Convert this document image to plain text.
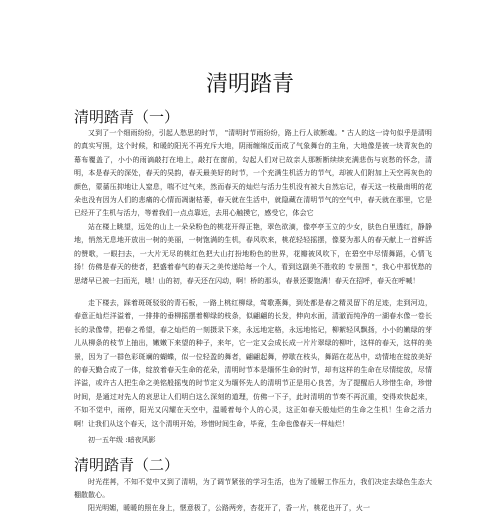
清明踏青
清明踏青（一）
又到了一个细雨纷纷，引起人愁思的时节， "清明时节雨纷纷，路上行人欲断魂。" 古人的这一诗句似乎是清明的真实写照，这个时候，和暖的阳光不再充斥大地，阴雨缠绵反而成了气象舞台的主角，大地像是被一块青灰色的幕布覆盖了，小小的雨滴敲打在地上，敲打在窗前，勾起人们对已故亲人那断断续续充满悲伤与哀愁的怀念，清明，本是春天的深处，春天的旲韵，春天最美好的时节，一个充满生机活力的节气，却被人们附加上天空再灰色的颜色，蒙蔷压抑地让人窒息，喘不过气来，然而春天的灿烂与活力生机没有被大自然忘记，春天这一枝最南明的花朵也没有因为人们的悲痛的心情而凋谢枯萎，春天就在生活中，就隐藏在清明节气的空气中，春天就在那里，它是已经开了生机与活力，等着我们一点点靠近，去用心触摸它，感受它，体会它
站在楼上眺望，远处的山上一朵朵粉色的桃花开得正艳，翠色欲滴，像亭亭玉立的少女，肤色白里透红，静静地，悄然无息地开放出一树的美丽，一树饱满的生机，春风吹来，桃花轻轻摇摆，像要为那人的春天献上一首鲜活的赞歌，一眼扫去，一大片无尽的桃红色把大山打扮地粉色的世界，花瓣被风吹下，在碧空中尽情舞蹈，心情飞扬！仿佛是春天的使者，把盛着春气的春天之美传递给每一个人，看到这副美不胜收的 专景图 "，我心中那忧愁的思绪早已被一扫而光，哦！山的初，春天还在闪动，啊！桥的那头，春景还要饱满！春天在招呼，春天在呼喊！
走下楼去，踩着斑斑驳驳的青石板，一路上桃红柳绿，莺歌燕舞，到处都是春之精灵留下的足迹，走到河边，春意正灿烂洋溢着，一排排的垂柳摇摆着柳绿的枝条，似翩翩的长发，伸向水面，清澈而纯净的一湖春水像一卷长长的录像带，把春之希望，春之灿烂的一刻摄录下来，永远地定格，永远地铭记，柳絮轻风飘扬，小小的嫩绿的芽儿从柳条的枝节上抽出，嫩嫩下来望的种子，来年，它一定又会成长成一片片翠绿的柳叶，这样的春天，这样的美景，因为了一群色彩斑斓的蝴蝶，似一位轻盈的舞者，翩翩起舞，停歇在枝头，舞蹈在花丛中，动情地在绽放美好的春天勤合成了一体，绽放着春天生命的花朵，清明时节本是缅怀生命的时节，却有这样的生命在尽情绽放，尽情洋溢，或许古人把生命之美铭般摇曳的时节定义为缅怀先人的清明节正是用心良苦，为了提醒后人珍惜生命，珍惜时间，是通过对先人的哀思让人们明白这么深刻的道理，仿佛一下子，此时清明的节奏不再沉重，变得欢快起来，不如不觉中，雨停，阳光又闪耀在天空中，温暖着每个人的心灵，这正如春天般灿烂的生命之生机！生命之活力啊！ 让我们从这个春天，这个清明开始，珍惜时间生命，毕竟，生命也像春天一样灿烂！
初一五年级 :暗夜风影
清明踏青（二）
时光荏苒，不知不觉中又到了清明，为了调节紧张的学习生活，也为了缓解工作压力，我们决定去绿色生态大棚散散心。
阳光明媚，暖暖的照在身上，惬意极了，公路两旁，杏花开了，香一片，桃花也开了，火一
